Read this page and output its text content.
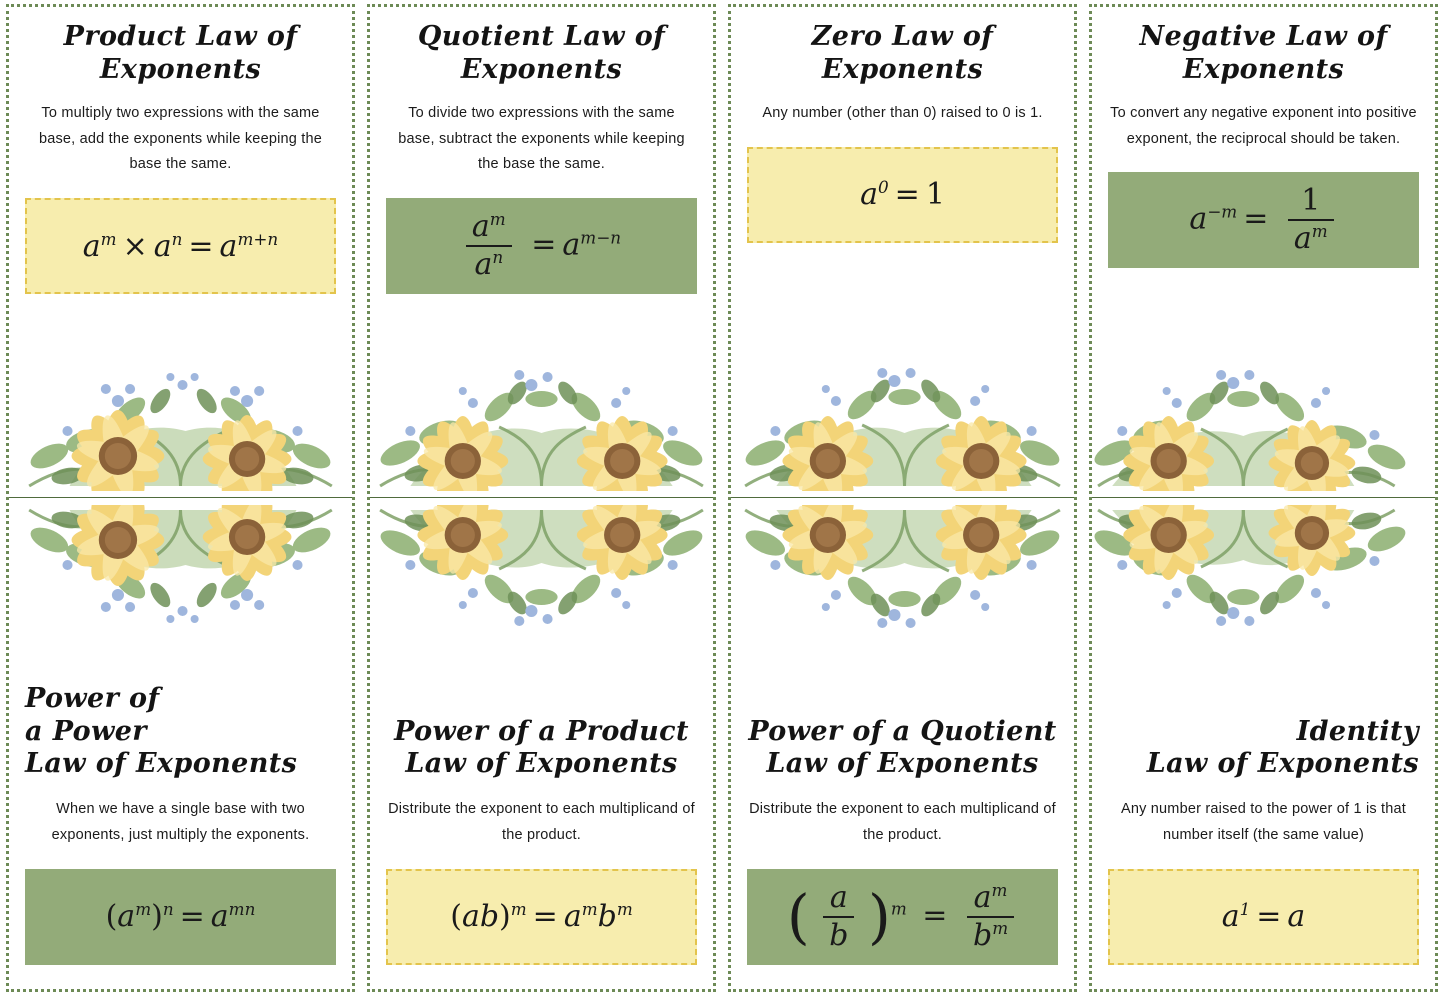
Product Law of
Exponents
To multiply two expressions with the same base, add the exponents while keeping the base the same.
$a^m \times a^n = a^{m+n}$
Power of
a Power
Law of Exponents
When we have a single base with two exponents, just multiply the exponents.
$(a^m)^n = a^{mn}$
Quotient Law of
Exponents
To divide two expressions with the same base, subtract the exponents while keeping the base the same.
$\frac{a^m}{a^n} = a^{m-n}$
Power of a Product
Law of Exponents
Distribute the exponent to each multiplicand of the product.
$(ab)^m = a^mb^m$
Zero Law of
Exponents
Any number (other than 0) raised to 0 is 1.
$a^0 = 1$
Power of a Quotient
Law of Exponents
Distribute the exponent to each multiplicand of the product.
( $\frac{a}{b} )^m = \frac{a^m}{b^m}$
Negative Law of
Exponents
To convert any negative exponent into positive exponent, the reciprocal should be taken.
$a^{-m} = \frac{1}{a^m}$
Identity
Law of Exponents
Any number raised to the power of 1 is that number itself (the same value)
$a^1 = a$
